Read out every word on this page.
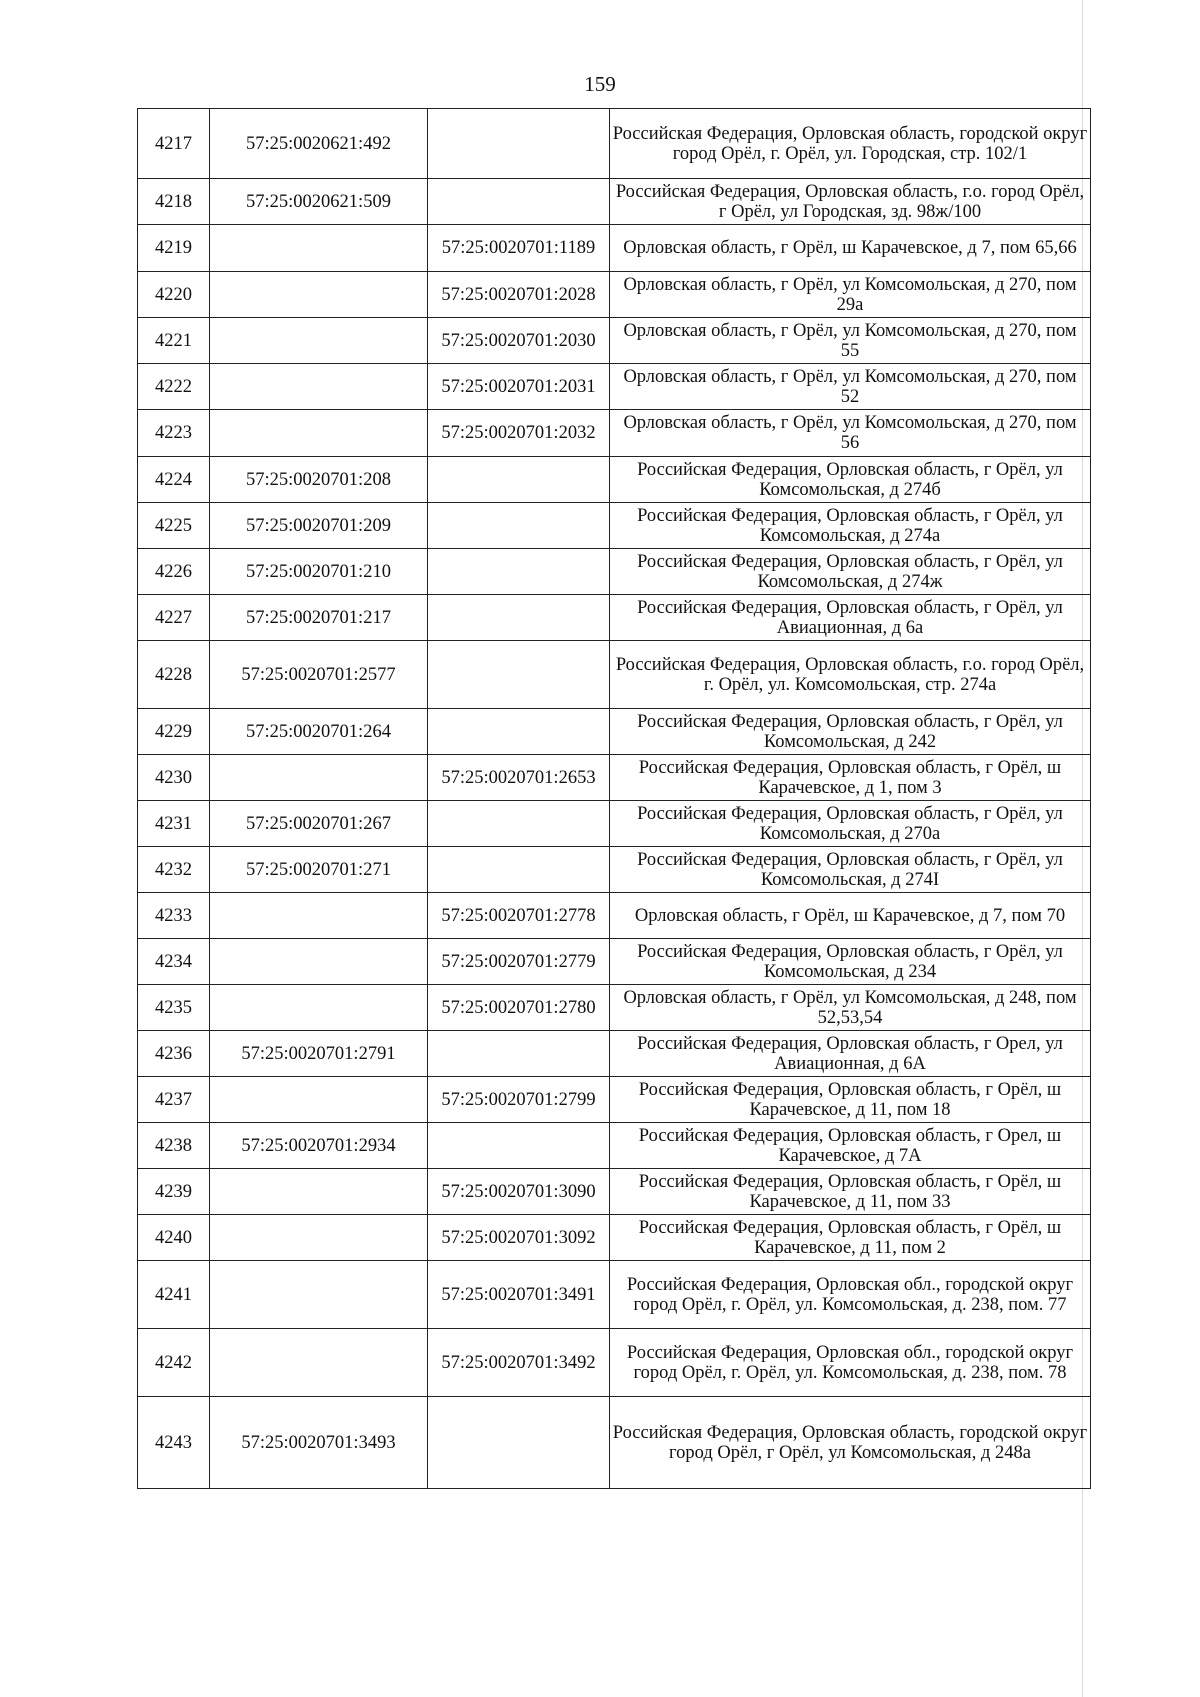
159
4217	57:25:0020621:492		Российская Федерация, Орловская область, городской округ город Орёл, г. Орёл, ул. Городская, стр. 102/1
4218	57:25:0020621:509		Российская Федерация, Орловская область, г.о. город Орёл, г Орёл, ул Городская, зд. 98ж/100
4219		57:25:0020701:1189	Орловская область, г Орёл, ш Карачевское, д 7, пом 65,66
4220		57:25:0020701:2028	Орловская область, г Орёл, ул Комсомольская, д 270, пом 29а
4221		57:25:0020701:2030	Орловская область, г Орёл, ул Комсомольская, д 270, пом 55
4222		57:25:0020701:2031	Орловская область, г Орёл, ул Комсомольская, д 270, пом 52
4223		57:25:0020701:2032	Орловская область, г Орёл, ул Комсомольская, д 270, пом 56
4224	57:25:0020701:208		Российская Федерация, Орловская область, г Орёл, ул Комсомольская, д 274б
4225	57:25:0020701:209		Российская Федерация, Орловская область, г Орёл, ул Комсомольская, д 274а
4226	57:25:0020701:210		Российская Федерация, Орловская область, г Орёл, ул Комсомольская, д 274ж
4227	57:25:0020701:217		Российская Федерация, Орловская область, г Орёл, ул Авиационная, д 6а
4228	57:25:0020701:2577		Российская Федерация, Орловская область, г.о. город Орёл, г. Орёл, ул. Комсомольская, стр. 274а
4229	57:25:0020701:264		Российская Федерация, Орловская область, г Орёл, ул Комсомольская, д 242
4230		57:25:0020701:2653	Российская Федерация, Орловская область, г Орёл, ш Карачевское, д 1, пом 3
4231	57:25:0020701:267		Российская Федерация, Орловская область, г Орёл, ул Комсомольская, д 270а
4232	57:25:0020701:271		Российская Федерация, Орловская область, г Орёл, ул Комсомольская, д 274I
4233		57:25:0020701:2778	Орловская область, г Орёл, ш Карачевское, д 7, пом 70
4234		57:25:0020701:2779	Российская Федерация, Орловская область, г Орёл, ул Комсомольская, д 234
4235		57:25:0020701:2780	Орловская область, г Орёл, ул Комсомольская, д 248, пом 52,53,54
4236	57:25:0020701:2791		Российская Федерация, Орловская область, г Орел, ул Авиационная, д 6А
4237		57:25:0020701:2799	Российская Федерация, Орловская область, г Орёл, ш Карачевское, д 11, пом 18
4238	57:25:0020701:2934		Российская Федерация, Орловская область, г Орел, ш Карачевское, д 7А
4239		57:25:0020701:3090	Российская Федерация, Орловская область, г Орёл, ш Карачевское, д 11, пом 33
4240		57:25:0020701:3092	Российская Федерация, Орловская область, г Орёл, ш Карачевское, д 11, пом 2
4241		57:25:0020701:3491	Российская Федерация, Орловская обл., городской округ город Орёл, г. Орёл, ул. Комсомольская, д. 238, пом. 77
4242		57:25:0020701:3492	Российская Федерация, Орловская обл., городской округ город Орёл, г. Орёл, ул. Комсомольская, д. 238, пом. 78
4243	57:25:0020701:3493		Российская Федерация, Орловская область, городской округ город Орёл, г Орёл, ул Комсомольская, д 248а
